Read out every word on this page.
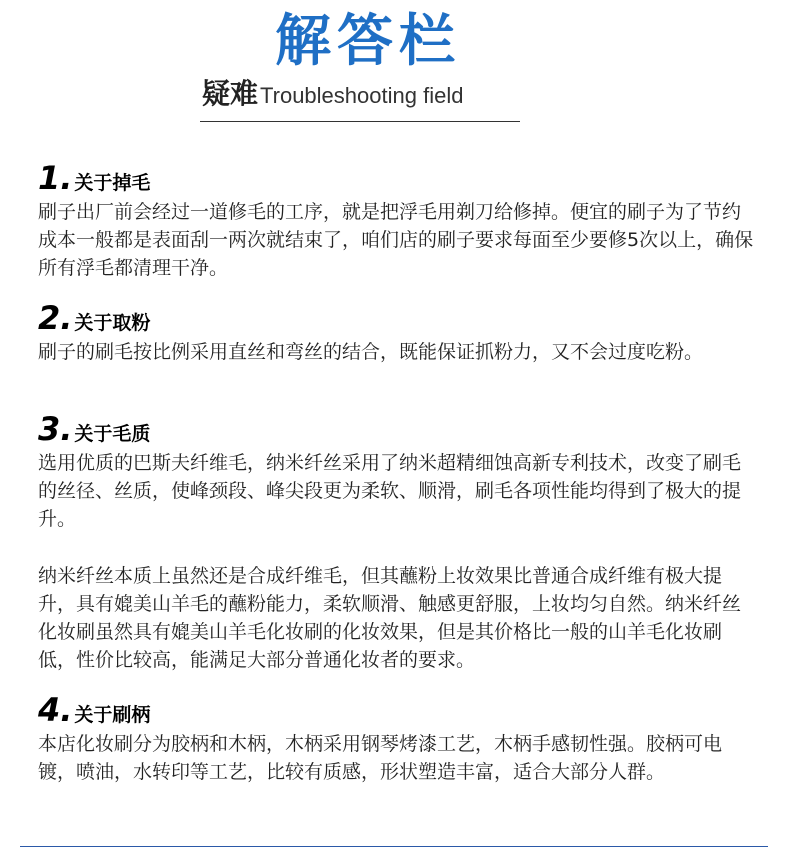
解答栏
疑难Troubleshooting field
1. 关于掉毛

刷子出厂前会经过一道修毛的工序，就是把浮毛用剃刀给修掉。便宜的刷子为了节约成本一般都是表面刮一两次就结束了，咱们店的刷子要求每面至少要修5次以上，确保所有浮毛都清理干净。

2. 关于取粉

刷子的刷毛按比例采用直丝和弯丝的结合，既能保证抓粉力，又不会过度吃粉。

3. 关于毛质

选用优质的巴斯夫纤维毛，纳米纤丝采用了纳米超精细蚀高新专利技术，改变了刷毛的丝径、丝质，使峰颈段、峰尖段更为柔软、顺滑，刷毛各项性能均得到了极大的提升。

纳米纤丝本质上虽然还是合成纤维毛，但其蘸粉上妆效果比普通合成纤维有极大提升，具有媲美山羊毛的蘸粉能力，柔软顺滑、触感更舒服，上妆均匀自然。纳米纤丝化妆刷虽然具有媲美山羊毛化妆刷的化妆效果，但是其价格比一般的山羊毛化妆刷低，性价比较高，能满足大部分普通化妆者的要求。

4. 关于刷柄

本店化妆刷分为胶柄和木柄，木柄采用钢琴烤漆工艺，木柄手感韧性强。胶柄可电镀，喷油，水转印等工艺，比较有质感，形状塑造丰富，适合大部分人群。
